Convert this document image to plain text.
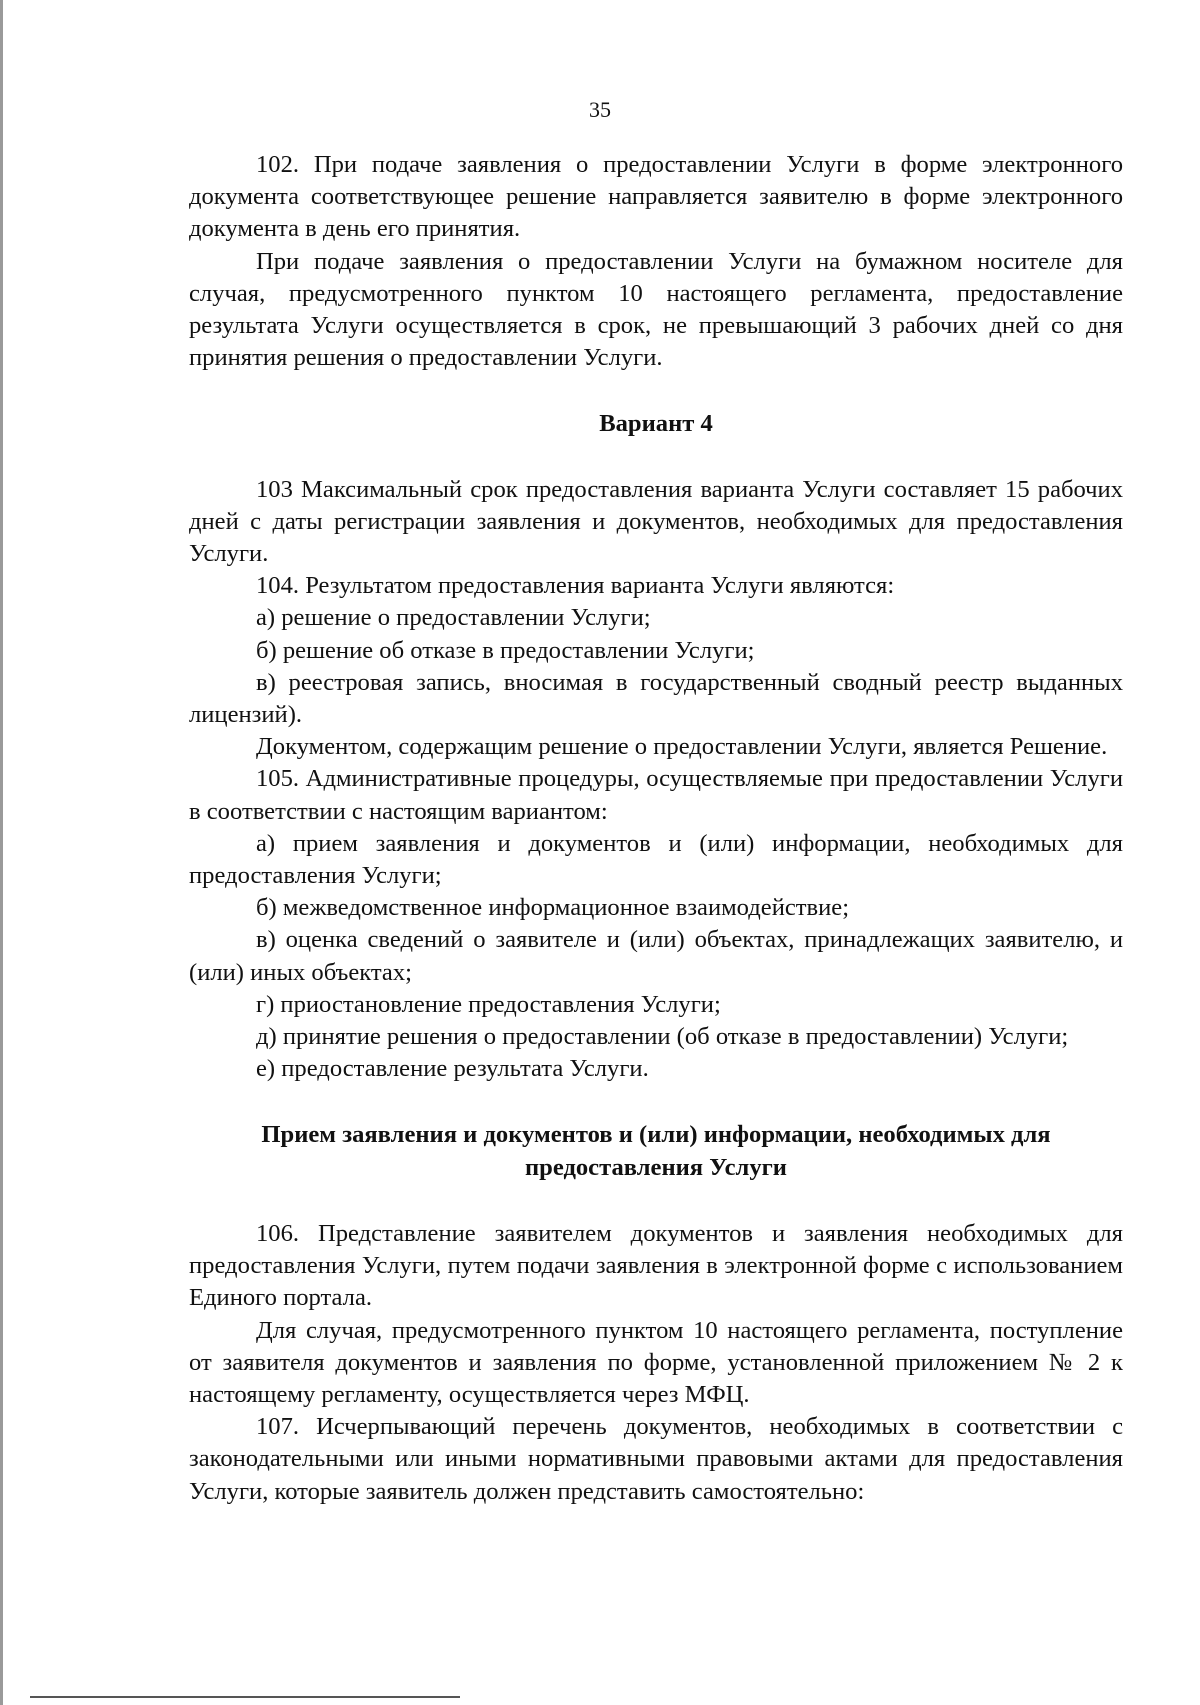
35

102. При подаче заявления о предоставлении Услуги в форме электронного документа соответствующее решение направляется заявителю в форме электронного документа в день его принятия.

При подаче заявления о предоставлении Услуги на бумажном носителе для случая, предусмотренного пунктом 10 настоящего регламента, предоставление результата Услуги осуществляется в срок, не превышающий 3 рабочих дней со дня принятия решения о предоставлении Услуги.

Вариант 4

103 Максимальный срок предоставления варианта Услуги составляет 15 рабочих дней с даты регистрации заявления и документов, необходимых для предоставления Услуги.

104. Результатом предоставления варианта Услуги являются:

а) решение о предоставлении Услуги;

б) решение об отказе в предоставлении Услуги;

в) реестровая запись, вносимая в государственный сводный реестр выданных лицензий).

Документом, содержащим решение о предоставлении Услуги, является Решение.

105. Административные процедуры, осуществляемые при предоставлении Услуги в соответствии с настоящим вариантом:

а) прием заявления и документов и (или) информации, необходимых для предоставления Услуги;

б) межведомственное информационное взаимодействие;

в) оценка сведений о заявителе и (или) объектах, принадлежащих заявителю, и (или) иных объектах;

г) приостановление предоставления Услуги;

д) принятие решения о предоставлении (об отказе в предоставлении) Услуги;

е) предоставление результата Услуги.

Прием заявления и документов и (или) информации, необходимых для предоставления Услуги

106. Представление заявителем документов и заявления необходимых для предоставления Услуги, путем подачи заявления в электронной форме с использованием Единого портала.

Для случая, предусмотренного пунктом 10 настоящего регламента, поступление от заявителя документов и заявления по форме, установленной приложением № 2 к настоящему регламенту, осуществляется через МФЦ.

107. Исчерпывающий перечень документов, необходимых в соответствии с законодательными или иными нормативными правовыми актами для предоставления Услуги, которые заявитель должен представить самостоятельно:
